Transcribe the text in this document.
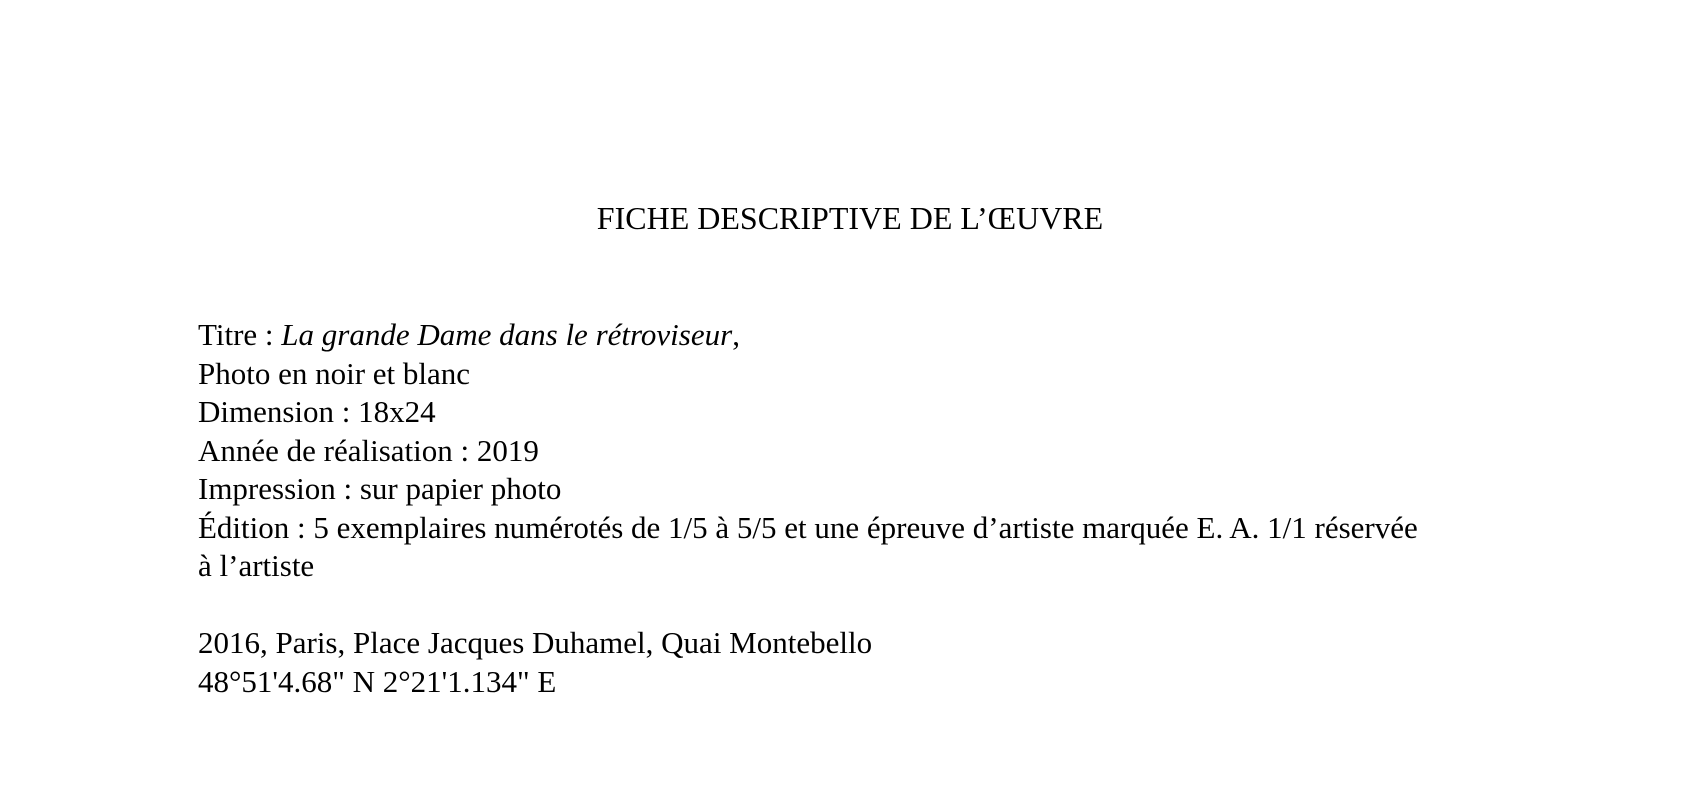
FICHE DESCRIPTIVE DE L’ŒUVRE
Titre : La grande Dame dans le rétroviseur,
Photo en noir et blanc
Dimension : 18x24
Année de réalisation : 2019
Impression : sur papier photo
Édition : 5 exemplaires numérotés de 1/5 à 5/5 et une épreuve d’artiste marquée E. A. 1/1 réservée à l’artiste
2016, Paris, Place Jacques Duhamel, Quai Montebello
48°51'4.68" N 2°21'1.134" E
